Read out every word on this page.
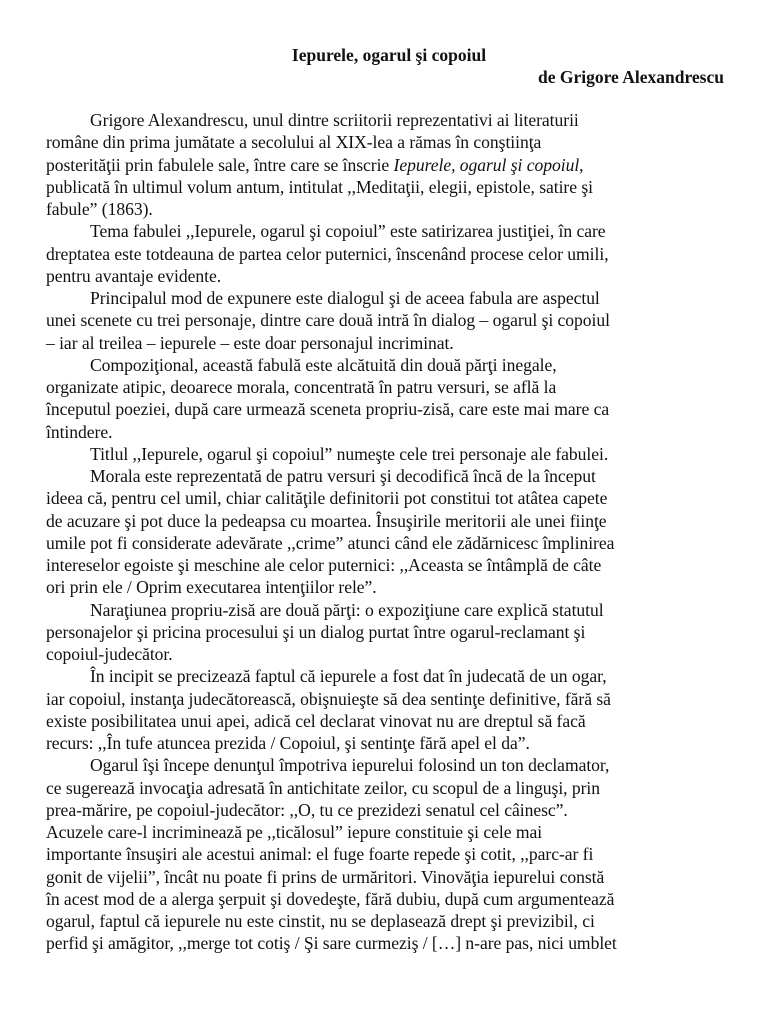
Iepurele, ogarul şi copoiul
de Grigore Alexandrescu
Grigore Alexandrescu, unul dintre scriitorii reprezentativi ai literaturii
române din prima jumătate a secolului al XIX-lea a rămas în conştiinţa
posterităţii prin fabulele sale, între care se înscrie Iepurele, ogarul şi copoiul,
publicată în ultimul volum antum, intitulat ,,Meditaţii, elegii, epistole, satire şi
fabule” (1863).
Tema fabulei ,,Iepurele, ogarul şi copoiul” este satirizarea justiţiei, în care
dreptatea este totdeauna de partea celor puternici, înscenând procese celor umili,
pentru avantaje evidente.
Principalul mod de expunere este dialogul şi de aceea fabula are aspectul
unei scenete cu trei personaje, dintre care două intră în dialog – ogarul şi copoiul
– iar al treilea – iepurele – este doar personajul incriminat.
Compoziţional, această fabulă este alcătuită din două părţi inegale,
organizate atipic, deoarece morala, concentrată în patru versuri, se află la
începutul poeziei, după care urmează sceneta propriu-zisă, care este mai mare ca
întindere.
Titlul ,,Iepurele, ogarul şi copoiul” numeşte cele trei personaje ale fabulei.
Morala este reprezentată de patru versuri şi decodifică încă de la început
ideea că, pentru cel umil, chiar calităţile definitorii pot constitui tot atâtea capete
de acuzare şi pot duce la pedeapsa cu moartea. Însuşirile meritorii ale unei fiinţe
umile pot fi considerate adevărate ,,crime” atunci când ele zădărnicesc împlinirea
intereselor egoiste şi meschine ale celor puternici: ,,Aceasta se întâmplă de câte
ori prin ele / Oprim executarea intenţiilor rele”.
Naraţiunea propriu-zisă are două părţi: o expoziţiune care explică statutul
personajelor şi pricina procesului şi un dialog purtat între ogarul-reclamant şi
copoiul-judecător.
În incipit se precizează faptul că iepurele a fost dat în judecată de un ogar,
iar copoiul, instanţa judecătorească, obişnuieşte să dea sentinţe definitive, fără să
existe posibilitatea unui apei, adică cel declarat vinovat nu are dreptul să facă
recurs: ,,În tufe atuncea prezida / Copoiul, şi sentinţe fără apel el da”.
Ogarul îşi începe denunţul împotriva iepurelui folosind un ton declamator,
ce sugerează invocaţia adresată în antichitate zeilor, cu scopul de a linguşi, prin
prea-mărire, pe copoiul-judecător: ,,O, tu ce prezidezi senatul cel câinesc”.
Acuzele care-l incriminează pe ,,ticălosul” iepure constituie şi cele mai
importante însuşiri ale acestui animal: el fuge foarte repede şi cotit, ,,parc-ar fi
gonit de vijelii”, încât nu poate fi prins de urmăritori. Vinovăţia iepurelui constă
în acest mod de a alerga şerpuit şi dovedeşte, fără dubiu, după cum argumentează
ogarul, faptul că iepurele nu este cinstit, nu se deplasează drept şi previzibil, ci
perfid şi amăgitor, ,,merge tot cotiş / Şi sare curmeziş / […] n-are pas, nici umblet
